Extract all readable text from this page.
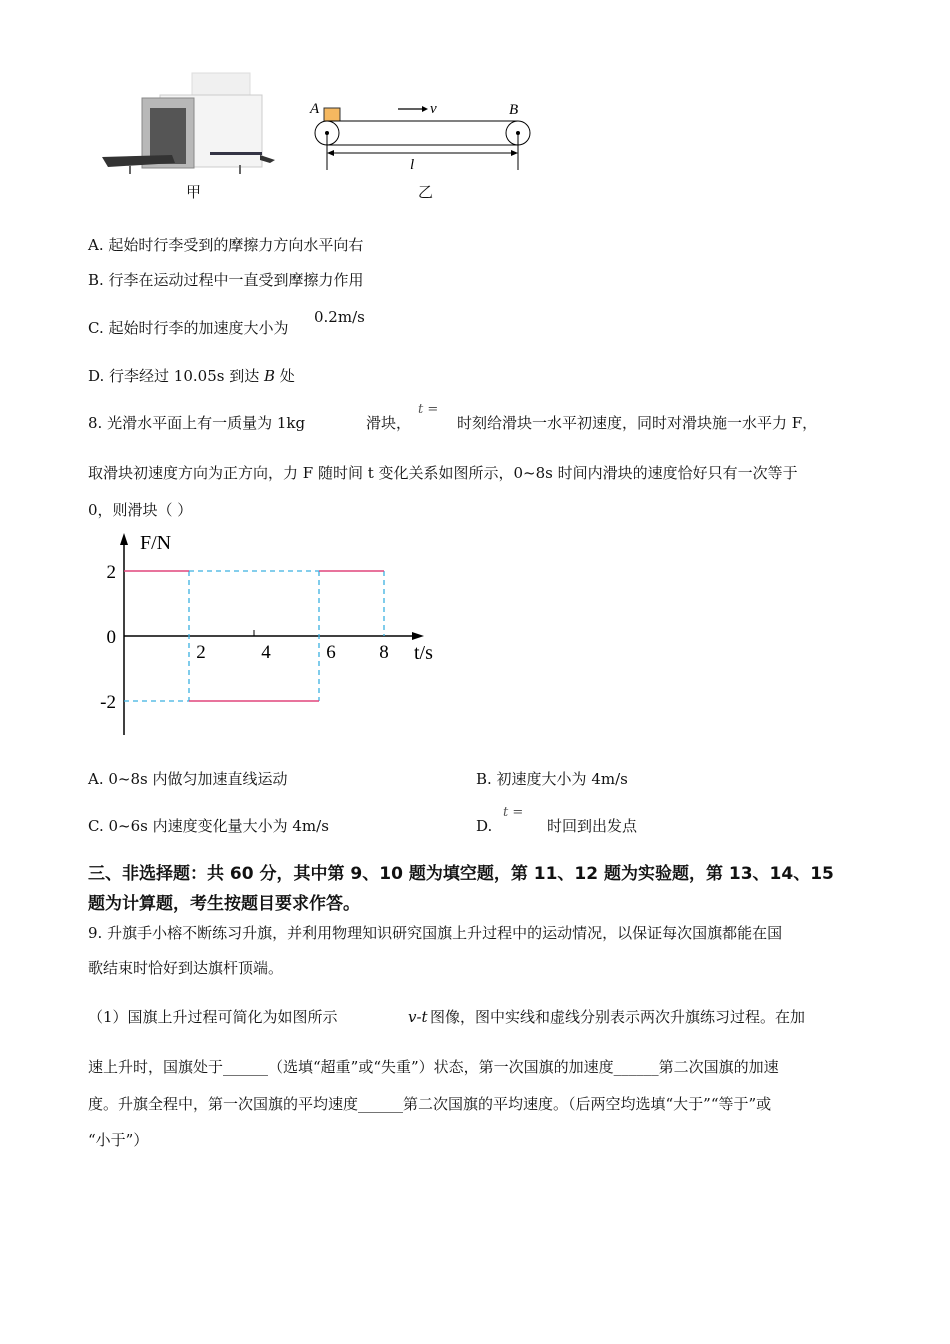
甲
A	B
v
l
乙
A. 起始时行李受到的摩擦力方向水平向右
B. 行李在运动过程中一直受到摩擦力作用
C. 起始时行李的加速度大小为
0.2m/s
D. 行李经过 10.05s 到达 B 处
8. 光滑水平面上有一质量为 1kg	滑块，
t =
时刻给滑块一水平初速度，同时对滑块施一水平力 F，
取滑块初速度方向为正方向，力 F 随时间 t 变化关系如图所示，0~8s 时间内滑块的速度恰好只有一次等于
0，则滑块（ ）
F/N
t/s
2
0
-2
2	4	6 8
A. 0~8s 内做匀加速直线运动	B. 初速度大小为 4m/s
C. 0~6s 内速度变化量大小为 4m/s	D.
t =
时回到出发点
三、非选择题：共 60 分，其中第 9、10 题为填空题，第 11、12 题为实验题，第 13、14、15
题为计算题，考生按题目要求作答。
9. 升旗手小榕不断练习升旗，并利用物理知识研究国旗上升过程中的运动情况，以保证每次国旗都能在国
歌结束时恰好到达旗杆顶端。
（1）国旗上升过程可简化为如图所示	v-t 图像，图中实线和虚线分别表示两次升旗练习过程。在加
速上升时，国旗处于______（选填“超重”或“失重”）状态，第一次国旗的加速度______第二次国旗的加速
度。升旗全程中，第一次国旗的平均速度______第二次国旗的平均速度。（后两空均选填“大于”“等于”或
“小于”）
